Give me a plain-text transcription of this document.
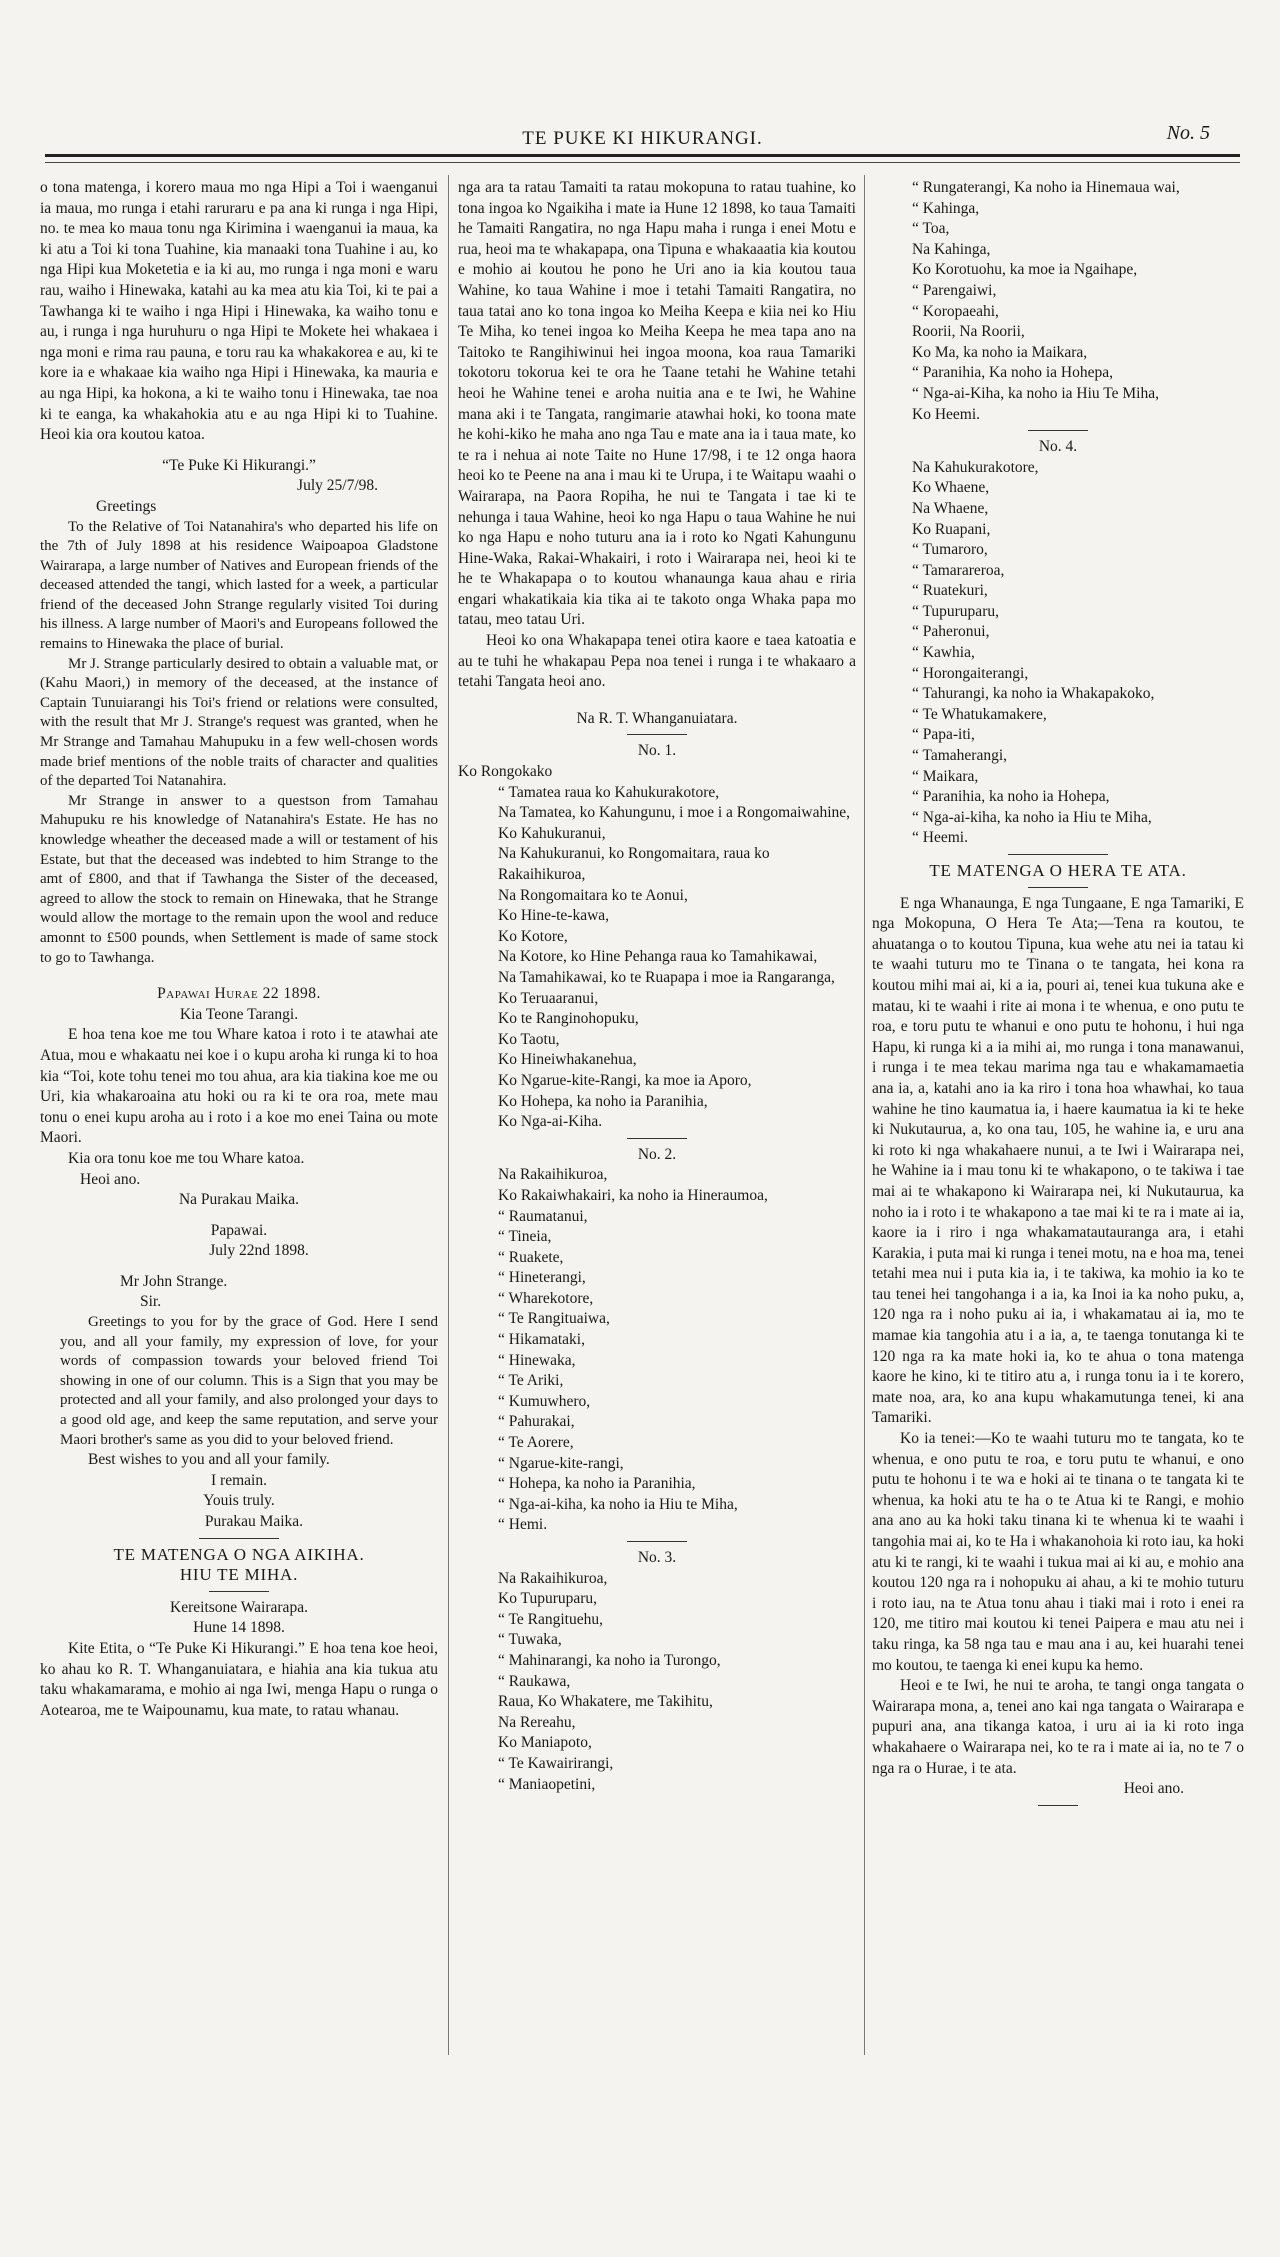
TE PUKE KI HIKURANGI.	No. 5

o tona matenga, i korero maua mo nga Hipi a Toi i waenganui ia maua, mo runga i etahi raruraru e pa ana ki runga i nga Hipi, no. te mea ko maua tonu nga Kirimina i waenganui ia maua, ka ki atu a Toi ki tona Tuahine, kia manaaki tona Tuahine i au, ko nga Hipi kua Moketetia e ia ki au, mo runga i nga moni e waru rau, waiho i Hinewaka, katahi au ka mea atu kia Toi, ki te pai a Tawhanga ki te waiho i nga Hipi i Hinewaka, ka waiho tonu e au, i runga i nga huruhuru o nga Hipi te Mokete hei whakaea i nga moni e rima rau pauna, e toru rau ka whakakorea e au, ki te kore ia e whakaae kia waiho nga Hipi i Hinewaka, ka mauria e au nga Hipi, ka hokona, a ki te waiho tonu i Hinewaka, tae noa ki te eanga, ka whakahokia atu e au nga Hipi ki to Tuahine. Heoi kia ora koutou katoa.

“Te Puke Ki Hikurangi.”

July 25/7/98.

Greetings

To the Relative of Toi Natanahira's who departed his life on the 7th of July 1898 at his residence Waipoapoa Gladstone Wairarapa, a large number of Natives and European friends of the deceased attended the tangi, which lasted for a week, a particular friend of the deceased John Strange regularly visited Toi during his illness. A large number of Maori's and Europeans followed the remains to Hinewaka the place of burial.

Mr J. Strange particularly desired to obtain a valuable mat, or (Kahu Maori,) in memory of the deceased, at the instance of Captain Tunuiarangi his Toi's friend or relations were consulted, with the result that Mr J. Strange's request was granted, when he Mr Strange and Tamahau Mahupuku in a few well-chosen words made brief mentions of the noble traits of character and qualities of the departed Toi Natanahira.

Mr Strange in answer to a questson from Tamahau Mahupuku re his knowledge of Natanahira's Estate. He has no knowledge wheather the deceased made a will or testament of his Estate, but that the deceased was indebted to him Strange to the amt of £800, and that if Tawhanga the Sister of the deceased, agreed to allow the stock to remain on Hinewaka, that he Strange would allow the mortage to the remain upon the wool and reduce amonnt to £500 pounds, when Settlement is made of same stock to go to Tawhanga.

Papawai Hurae 22 1898.

Kia Teone Tarangi.

E hoa tena koe me tou Whare katoa i roto i te atawhai ate Atua, mou e whakaatu nei koe i o kupu aroha ki runga ki to hoa kia “Toi, kote tohu tenei mo tou ahua, ara kia tiakina koe me ou Uri, kia whakaroaina atu hoki ou ra ki te ora roa, mete mau tonu o enei kupu aroha au i roto i a koe mo enei Taina ou mote Maori.

Kia ora tonu koe me tou Whare katoa.

Heoi ano.

Na Purakau Maika.

Papawai.

July 22nd 1898.

Mr John Strange.

Sir.

Greetings to you for by the grace of God. Here I send you, and all your family, my expression of love, for your words of compassion towards your beloved friend Toi showing in one of our column. This is a Sign that you may be protected and all your family, and also prolonged your days to a good old age, and keep the same reputation, and serve your Maori brother's same as you did to your beloved friend.

Best wishes to you and all your family.

I remain.

Youis truly.

Purakau Maika.

TE MATENGA O NGA AIKIHA.

HIU TE MIHA.

Kereitsone Wairarapa.

Hune 14 1898.

Kite Etita, o “Te Puke Ki Hikurangi.” E hoa tena koe heoi, ko ahau ko R. T. Whanganuiatara, e hiahia ana kia tukua atu taku whakamarama, e mohio ai nga Iwi, menga Hapu o runga o Aotearoa, me te Waipounamu, kua mate, to ratau whanau.

nga ara ta ratau Tamaiti ta ratau mokopuna to ratau tuahine, ko tona ingoa ko Ngaikiha i mate ia Hune 12 1898, ko taua Tamaiti he Tamaiti Rangatira, no nga Hapu maha i runga i enei Motu e rua, heoi ma te whakapapa, ona Tipuna e whakaaatia kia koutou e mohio ai koutou he pono he Uri ano ia kia koutou taua Wahine, ko taua Wahine i moe i tetahi Tamaiti Rangatira, no taua tatai ano ko tona ingoa ko Meiha Keepa e kiia nei ko Hiu Te Miha, ko tenei ingoa ko Meiha Keepa he mea tapa ano na Taitoko te Rangihiwinui hei ingoa moona, koa raua Tamariki tokotoru tokorua kei te ora he Taane tetahi he Wahine tetahi heoi he Wahine tenei e aroha nuitia ana e te Iwi, he Wahine mana aki i te Tangata, rangimarie atawhai hoki, ko toona mate he kohi-kiko he maha ano nga Tau e mate ana ia i taua mate, ko te ra i nehua ai note Taite no Hune 17/98, i te 12 onga haora heoi ko te Peene na ana i mau ki te Urupa, i te Waitapu waahi o Wairarapa, na Paora Ropiha, he nui te Tangata i tae ki te nehunga i taua Wahine, heoi ko nga Hapu o taua Wahine he nui ko nga Hapu e noho tuturu ana ia i roto ko Ngati Kahungunu Hine-Waka, Rakai-Whakairi, i roto i Wairarapa nei, heoi ki te he te Whakapapa o to koutou whanaunga kaua ahau e riria engari whakatikaia kia tika ai te takoto onga Whaka papa mo tatau, meo tatau Uri.

Heoi ko ona Whakapapa tenei otira kaore e taea katoatia e au te tuhi he whakapau Pepa noa tenei i runga i te whakaaro a tetahi Tangata heoi ano.

Na R. T. Whanganuiatara.

No. 1.

Ko Rongokako
“ Tamatea raua ko Kahukurakotore,
Na Tamatea, ko Kahungunu, i moe i a Rongomaiwahine,
Ko Kahukuranui,
Na Kahukuranui, ko Rongomaitara, raua ko Rakaihikuroa,
Na Rongomaitara ko te Aonui,
Ko Hine-te-kawa,
Ko Kotore,
Na Kotore, ko Hine Pehanga raua ko Tamahikawai,
Na Tamahikawai, ko te Ruapapa i moe ia Rangaranga,
Ko Teruaaranui,
Ko te Ranginohopuku,
Ko Taotu,
Ko Hineiwhakanehua,
Ko Ngarue-kite-Rangi, ka moe ia Aporo,
Ko Hohepa, ka noho ia Paranihia,
Ko Nga-ai-Kiha.

No. 2.

Na Rakaihikuroa,
Ko Rakaiwhakairi, ka noho ia Hineraumoa,
“ Raumatanui,
“ Tineia,
“ Ruakete,
“ Hineterangi,
“ Wharekotore,
“ Te Rangituaiwa,
“ Hikamataki,
“ Hinewaka,
“ Te Ariki,
“ Kumuwhero,
“ Pahurakai,
“ Te Aorere,
“ Ngarue-kite-rangi,
“ Hohepa, ka noho ia Paranihia,
“ Nga-ai-kiha, ka noho ia Hiu te Miha,
“ Hemi.

No. 3.

Na Rakaihikuroa,
Ko Tupuruparu,
“ Te Rangituehu,
“ Tuwaka,
“ Mahinarangi, ka noho ia Turongo,
“ Raukawa,
Raua, Ko Whakatere, me Takihitu,
Na Rereahu,
Ko Maniapoto,
“ Te Kawairirangi,
“ Maniaopetini,
“ Rungaterangi, Ka noho ia Hinemaua wai,
“ Kahinga,
“ Toa,
Na Kahinga,
Ko Korotuohu, ka moe ia Ngaihape,
“ Parengaiwi,
“ Koropaeahi,
Roorii, Na Roorii,
Ko Ma, ka noho ia Maikara,
“ Paranihia, Ka noho ia Hohepa,
“ Nga-ai-Kiha, ka noho ia Hiu Te Miha,
Ko Heemi.

No. 4.

Na Kahukurakotore,
Ko Whaene,
Na Whaene,
Ko Ruapani,
“ Tumaroro,
“ Tamarareroa,
“ Ruatekuri,
“ Tupuruparu,
“ Paheronui,
“ Kawhia,
“ Horongaiterangi,
“ Tahurangi, ka noho ia Whakapakoko,
“ Te Whatukamakere,
“ Papa-iti,
“ Tamaherangi,
“ Maikara,
“ Paranihia, ka noho ia Hohepa,
“ Nga-ai-kiha, ka noho ia Hiu te Miha,
“ Heemi.

TE MATENGA O HERA TE ATA.

E nga Whanaunga, E nga Tungaane, E nga Tamariki, E nga Mokopuna, O Hera Te Ata;—Tena ra koutou, te ahuatanga o to koutou Tipuna, kua wehe atu nei ia tatau ki te waahi tuturu mo te Tinana o te tangata, hei kona ra koutou mihi mai ai, ki a ia, pouri ai, tenei kua tukuna ake e matau, ki te waahi i rite ai mona i te whenua, e ono putu te roa, e toru putu te whanui e ono putu te hohonu, i hui nga Hapu, ki runga ki a ia mihi ai, mo runga i tona manawanui, i runga i te mea tekau marima nga tau e whakamamaetia ana ia, a, katahi ano ia ka riro i tona hoa whawhai, ko taua wahine he tino kaumatua ia, i haere kaumatua ia ki te heke ki Nukutaurua, a, ko ona tau, 105, he wahine ia, e uru ana ki roto ki nga whakahaere nunui, a te Iwi i Wairarapa nei, he Wahine ia i mau tonu ki te whakapono, o te takiwa i tae mai ai te whakapono ki Wairarapa nei, ki Nukutaurua, ka noho ia i roto i te whakapono a tae mai ki te ra i mate ai ia, kaore ia i riro i nga whakamatautauranga ara, i etahi Karakia, i puta mai ki runga i tenei motu, na e hoa ma, tenei tetahi mea nui i puta kia ia, i te takiwa, ka mohio ia ko te tau tenei hei tangohanga i a ia, ka Inoi ia ka noho puku, a, 120 nga ra i noho puku ai ia, i whakamatau ai ia, mo te mamae kia tangohia atu i a ia, a, te taenga tonutanga ki te 120 nga ra ka mate hoki ia, ko te ahua o tona matenga kaore he kino, ki te titiro atu a, i runga tonu ia i te korero, mate noa, ara, ko ana kupu whakamutunga tenei, ki ana Tamariki.

Ko ia tenei:—Ko te waahi tuturu mo te tangata, ko te whenua, e ono putu te roa, e toru putu te whanui, e ono putu te hohonu i te wa e hoki ai te tinana o te tangata ki te whenua, ka hoki atu te ha o te Atua ki te Rangi, e mohio ana ano au ka hoki taku tinana ki te whenua ki te waahi i tangohia mai ai, ko te Ha i whakanohoia ki roto iau, ka hoki atu ki te rangi, ki te waahi i tukua mai ai ki au, e mohio ana koutou 120 nga ra i nohopuku ai ahau, a ki te mohio tuturu i roto iau, na te Atua tonu ahau i tiaki mai i roto i enei ra 120, me titiro mai koutou ki tenei Paipera e mau atu nei i taku ringa, ka 58 nga tau e mau ana i au, kei huarahi tenei mo koutou, te taenga ki enei kupu ka hemo.

Heoi e te Iwi, he nui te aroha, te tangi onga tangata o Wairarapa mona, a, tenei ano kai nga tangata o Wairarapa e pupuri ana, ana tikanga katoa, i uru ai ia ki roto inga whakahaere o Wairarapa nei, ko te ra i mate ai ia, no te 7 o nga ra o Hurae, i te ata.

Heoi ano.
